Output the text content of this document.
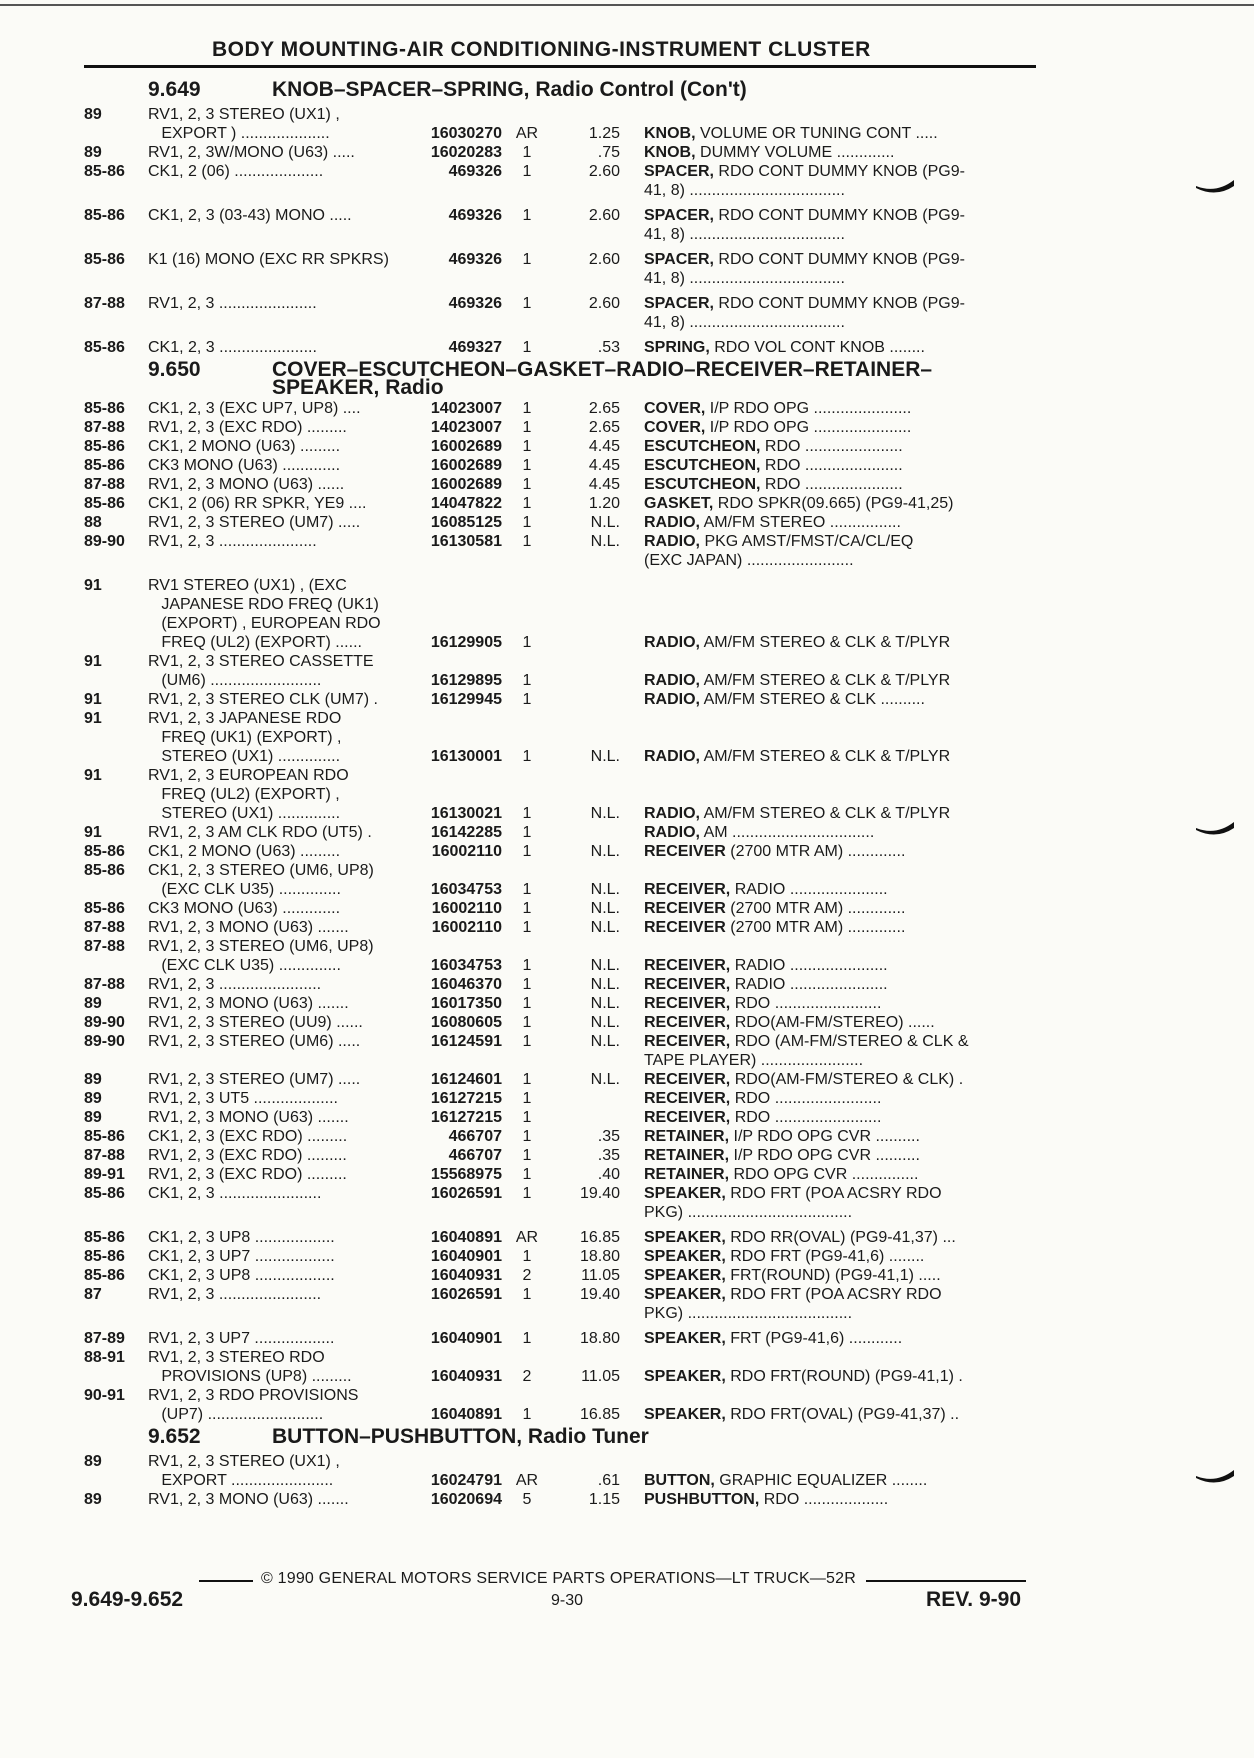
BODY MOUNTING-AIR CONDITIONING-INSTRUMENT CLUSTER
9.649	KNOB–SPACER–SPRING, Radio Control (Con't)
89	RV1, 2, 3 STEREO (UX1) ,
EXPORT ) ....................	16030270 AR	1.25	KNOB, VOLUME OR TUNING CONT .....
89	RV1, 2, 3W/MONO (U63) .....	16020283	1	.75	KNOB, DUMMY VOLUME .............
85-86	CK1, 2 (06) ....................	469326	1	2.60	SPACER, RDO CONT DUMMY KNOB (PG9-
41, 8) ...................................
85-86	CK1, 2, 3 (03-43) MONO .....	469326	1	2.60	SPACER, RDO CONT DUMMY KNOB (PG9-
41, 8) ...................................
85-86	K1 (16) MONO (EXC RR SPKRS)	469326	1	2.60	SPACER, RDO CONT DUMMY KNOB (PG9-
41, 8) ...................................
87-88	RV1, 2, 3 ......................	469326	1	2.60	SPACER, RDO CONT DUMMY KNOB (PG9-
41, 8) ...................................
85-86	CK1, 2, 3 ......................	469327	1	.53	SPRING, RDO VOL CONT KNOB ........
9.650	COVER–ESCUTCHEON–GASKET–RADIO–RECEIVER–RETAINER–
SPEAKER, Radio
85-86	CK1, 2, 3 (EXC UP7, UP8) ....	14023007	1	2.65	COVER, I/P RDO OPG ......................
87-88	RV1, 2, 3 (EXC RDO) .........	14023007	1	2.65	COVER, I/P RDO OPG ......................
85-86	CK1, 2 MONO (U63) .........	16002689	1	4.45	ESCUTCHEON, RDO ......................
85-86	CK3 MONO (U63) .............	16002689	1	4.45	ESCUTCHEON, RDO ......................
87-88	RV1, 2, 3 MONO (U63) ......	16002689	1	4.45	ESCUTCHEON, RDO ......................
85-86	CK1, 2 (06) RR SPKR, YE9 ....	14047822	1	1.20	GASKET, RDO SPKR(09.665) (PG9-41,25)
88	RV1, 2, 3 STEREO (UM7) .....	16085125	1	N.L.	RADIO, AM/FM STEREO ................
89-90	RV1, 2, 3 ......................	16130581	1	N.L.	RADIO, PKG AMST/FMST/CA/CL/EQ
(EXC JAPAN) ........................
91	RV1 STEREO (UX1) , (EXC
JAPANESE RDO FREQ (UK1)
(EXPORT) , EUROPEAN RDO
FREQ (UL2) (EXPORT) ......	16129905	1	RADIO, AM/FM STEREO & CLK & T/PLYR
91	RV1, 2, 3 STEREO CASSETTE
(UM6) .........................	16129895	1	RADIO, AM/FM STEREO & CLK & T/PLYR
91	RV1, 2, 3 STEREO CLK (UM7) .	16129945	1	RADIO, AM/FM STEREO & CLK ..........
91	RV1, 2, 3 JAPANESE RDO
FREQ (UK1) (EXPORT) ,
STEREO (UX1) ..............	16130001	1	N.L.	RADIO, AM/FM STEREO & CLK & T/PLYR
91	RV1, 2, 3 EUROPEAN RDO
FREQ (UL2) (EXPORT) ,
STEREO (UX1) ..............	16130021	1	N.L.	RADIO, AM/FM STEREO & CLK & T/PLYR
91	RV1, 2, 3 AM CLK RDO (UT5) .	16142285	1	RADIO, AM ................................
85-86	CK1, 2 MONO (U63) .........	16002110	1	N.L.	RECEIVER (2700 MTR AM) .............
85-86	CK1, 2, 3 STEREO (UM6, UP8)
(EXC CLK U35) ..............	16034753	1	N.L.	RECEIVER, RADIO ......................
85-86	CK3 MONO (U63) .............	16002110	1	N.L.	RECEIVER (2700 MTR AM) .............
87-88	RV1, 2, 3 MONO (U63) .......	16002110	1	N.L.	RECEIVER (2700 MTR AM) .............
87-88	RV1, 2, 3 STEREO (UM6, UP8)
(EXC CLK U35) ..............	16034753	1	N.L.	RECEIVER, RADIO ......................
87-88	RV1, 2, 3 .......................	16046370	1	N.L.	RECEIVER, RADIO ......................
89	RV1, 2, 3 MONO (U63) .......	16017350	1	N.L.	RECEIVER, RDO ........................
89-90	RV1, 2, 3 STEREO (UU9) ......	16080605	1	N.L.	RECEIVER, RDO(AM-FM/STEREO) ......
89-90	RV1, 2, 3 STEREO (UM6) .....	16124591	1	N.L.	RECEIVER, RDO (AM-FM/STEREO & CLK &
TAPE PLAYER) .......................
89	RV1, 2, 3 STEREO (UM7) .....	16124601	1	N.L.	RECEIVER, RDO(AM-FM/STEREO & CLK) .
89	RV1, 2, 3 UT5 ...................	16127215	1	RECEIVER, RDO ........................
89	RV1, 2, 3 MONO (U63) .......	16127215	1	RECEIVER, RDO ........................
85-86	CK1, 2, 3 (EXC RDO) .........	466707	1	.35	RETAINER, I/P RDO OPG CVR ..........
87-88	RV1, 2, 3 (EXC RDO) .........	466707	1	.35	RETAINER, I/P RDO OPG CVR ..........
89-91	RV1, 2, 3 (EXC RDO) .........	15568975	1	.40	RETAINER, RDO OPG CVR ...............
85-86	CK1, 2, 3 .......................	16026591	1	19.40	SPEAKER, RDO FRT (POA ACSRY RDO
PKG) .....................................
85-86	CK1, 2, 3 UP8 ..................	16040891 AR	16.85	SPEAKER, RDO RR(OVAL) (PG9-41,37) ...
85-86	CK1, 2, 3 UP7 ..................	16040901	1	18.80	SPEAKER, RDO FRT (PG9-41,6) ........
85-86	CK1, 2, 3 UP8 ..................	16040931	2	11.05	SPEAKER, FRT(ROUND) (PG9-41,1) .....
87	RV1, 2, 3 .......................	16026591	1	19.40	SPEAKER, RDO FRT (POA ACSRY RDO
PKG) .....................................
87-89	RV1, 2, 3 UP7 ..................	16040901	1	18.80	SPEAKER, FRT (PG9-41,6) ............
88-91	RV1, 2, 3 STEREO RDO
PROVISIONS (UP8) .........	16040931	2	11.05	SPEAKER, RDO FRT(ROUND) (PG9-41,1) .
90-91	RV1, 2, 3 RDO PROVISIONS
(UP7) ..........................	16040891	1	16.85	SPEAKER, RDO FRT(OVAL) (PG9-41,37) ..
9.652	BUTTON–PUSHBUTTON, Radio Tuner
89	RV1, 2, 3 STEREO (UX1) ,
EXPORT .......................	16024791 AR	.61	BUTTON, GRAPHIC EQUALIZER ........
89	RV1, 2, 3 MONO (U63) .......	16020694	5	1.15	PUSHBUTTON, RDO ...................
© 1990 GENERAL MOTORS SERVICE PARTS OPERATIONS—LT TRUCK—52R
9.649-9.652	9-30	REV. 9-90
